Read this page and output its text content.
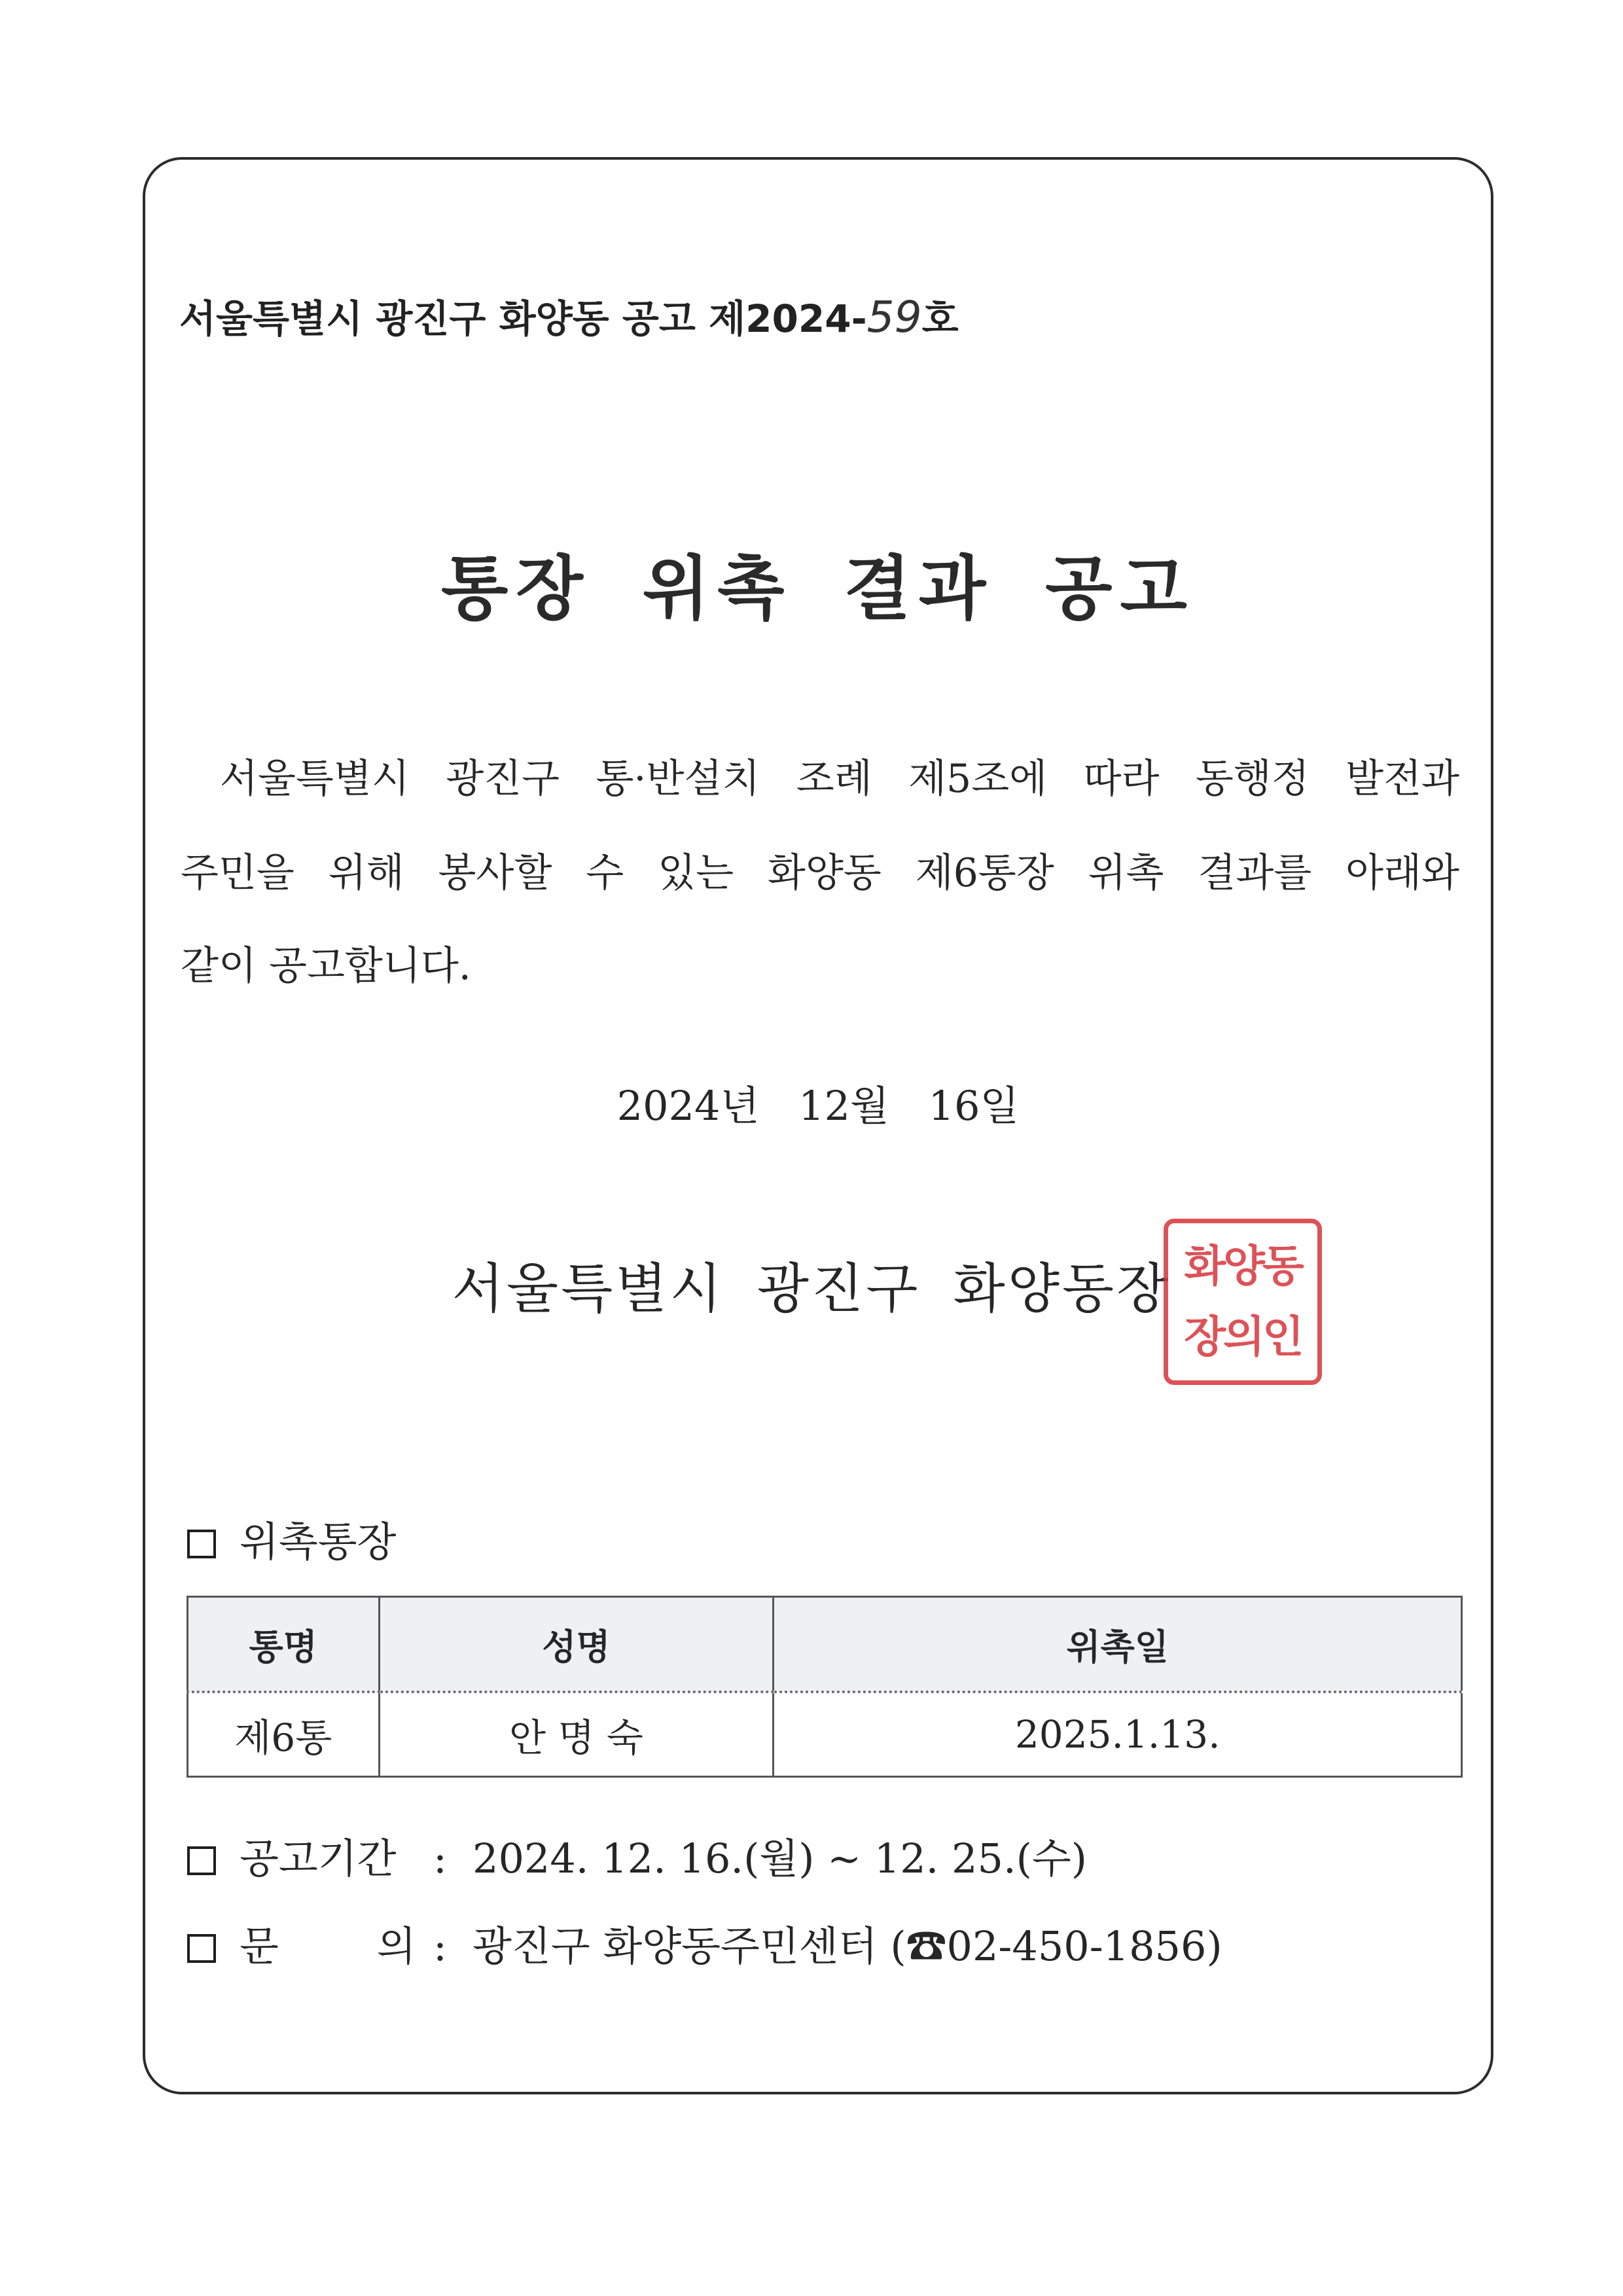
서울특별시 광진구 화양동 공고 제2024-59호
통장 위촉 결과 공고
서울특별시 광진구 통·반설치 조례 제5조에 따라 동행정 발전과
주민을 위해 봉사할 수 있는 화양동 제6통장 위촉 결과를 아래와
같이 공고합니다.
2024년 12월 16일
서울특별시 광진구 화양동장 화양동
장의인
위촉통장
통명	성명	위촉일
제6통	안 명 숙	2025.1.13.
공고기간 : 2024. 12. 16.(월) ~ 12. 25.(수)
문 의 : 광진구 화양동주민센터 (☎02-450-1856)
